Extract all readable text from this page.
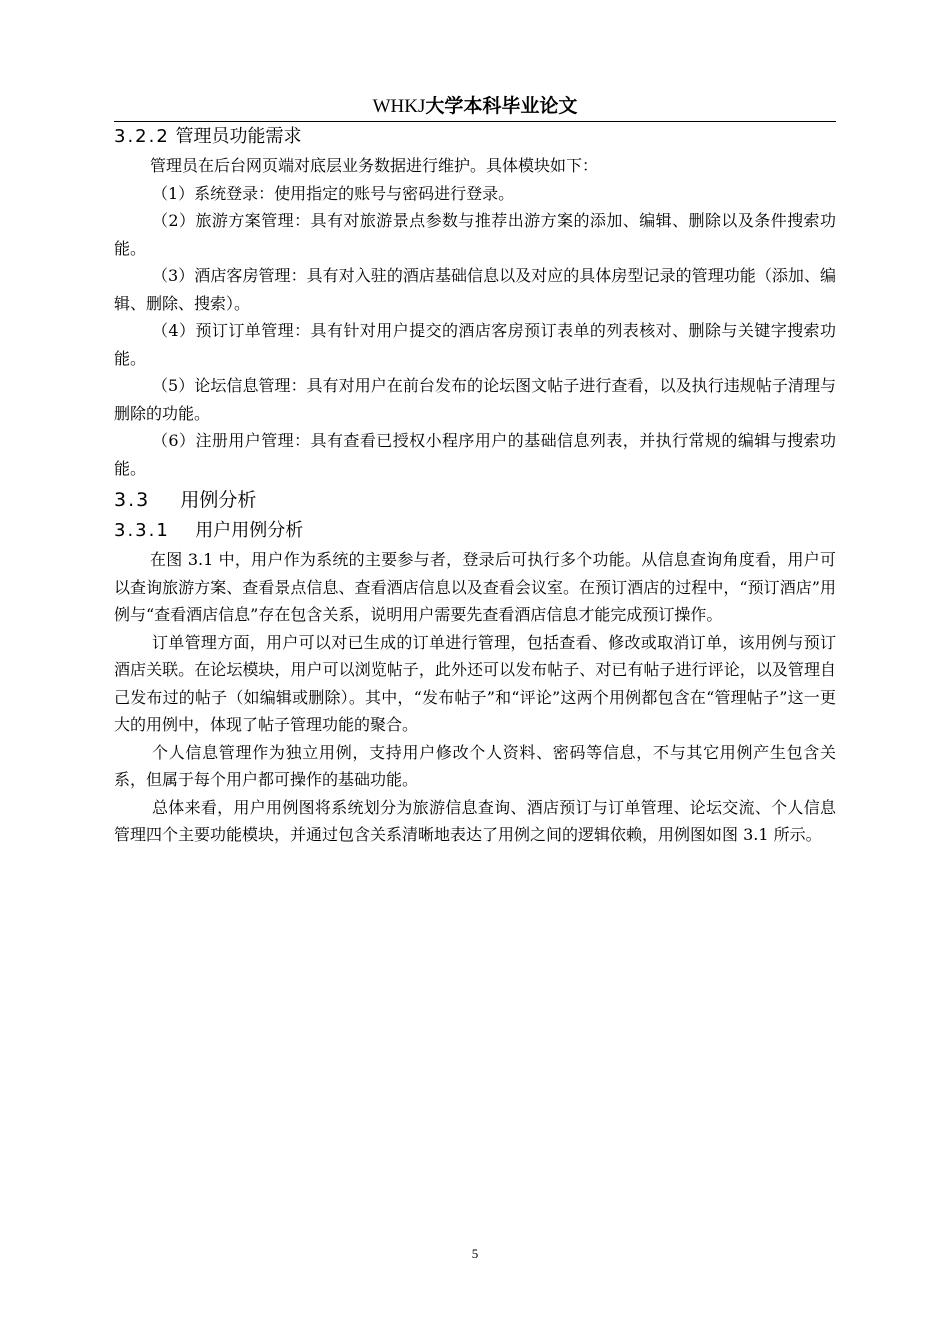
WHKJ大学本科毕业论文
3.2.2 管理员功能需求

管理员在后台网页端对底层业务数据进行维护。具体模块如下：

（1）系统登录：使用指定的账号与密码进行登录。

（2）旅游方案管理：具有对旅游景点参数与推荐出游方案的添加、编辑、删除以及条件搜索功能。

（3）酒店客房管理：具有对入驻的酒店基础信息以及对应的具体房型记录的管理功能（添加、编辑、删除、搜索）。

（4）预订订单管理：具有针对用户提交的酒店客房预订表单的列表核对、删除与关键字搜索功能。

（5）论坛信息管理：具有对用户在前台发布的论坛图文帖子进行查看，以及执行违规帖子清理与删除的功能。

（6）注册用户管理：具有查看已授权小程序用户的基础信息列表，并执行常规的编辑与搜索功能。

3.3 用例分析
3.3.1 用户用例分析

在图 3.1 中，用户作为系统的主要参与者，登录后可执行多个功能。从信息查询角度看，用户可以查询旅游方案、查看景点信息、查看酒店信息以及查看会议室。在预订酒店的过程中，“预订酒店”用例与“查看酒店信息”存在包含关系，说明用户需要先查看酒店信息才能完成预订操作。

订单管理方面，用户可以对已生成的订单进行管理，包括查看、修改或取消订单，该用例与预订酒店关联。在论坛模块，用户可以浏览帖子，此外还可以发布帖子、对已有帖子进行评论，以及管理自己发布过的帖子（如编辑或删除）。其中，“发布帖子”和“评论”这两个用例都包含在“管理帖子”这一更大的用例中，体现了帖子管理功能的聚合。

个人信息管理作为独立用例，支持用户修改个人资料、密码等信息，不与其它用例产生包含关系，但属于每个用户都可操作的基础功能。

总体来看，用户用例图将系统划分为旅游信息查询、酒店预订与订单管理、论坛交流、个人信息管理四个主要功能模块，并通过包含关系清晰地表达了用例之间的逻辑依赖，用例图如图 3.1 所示。

5
